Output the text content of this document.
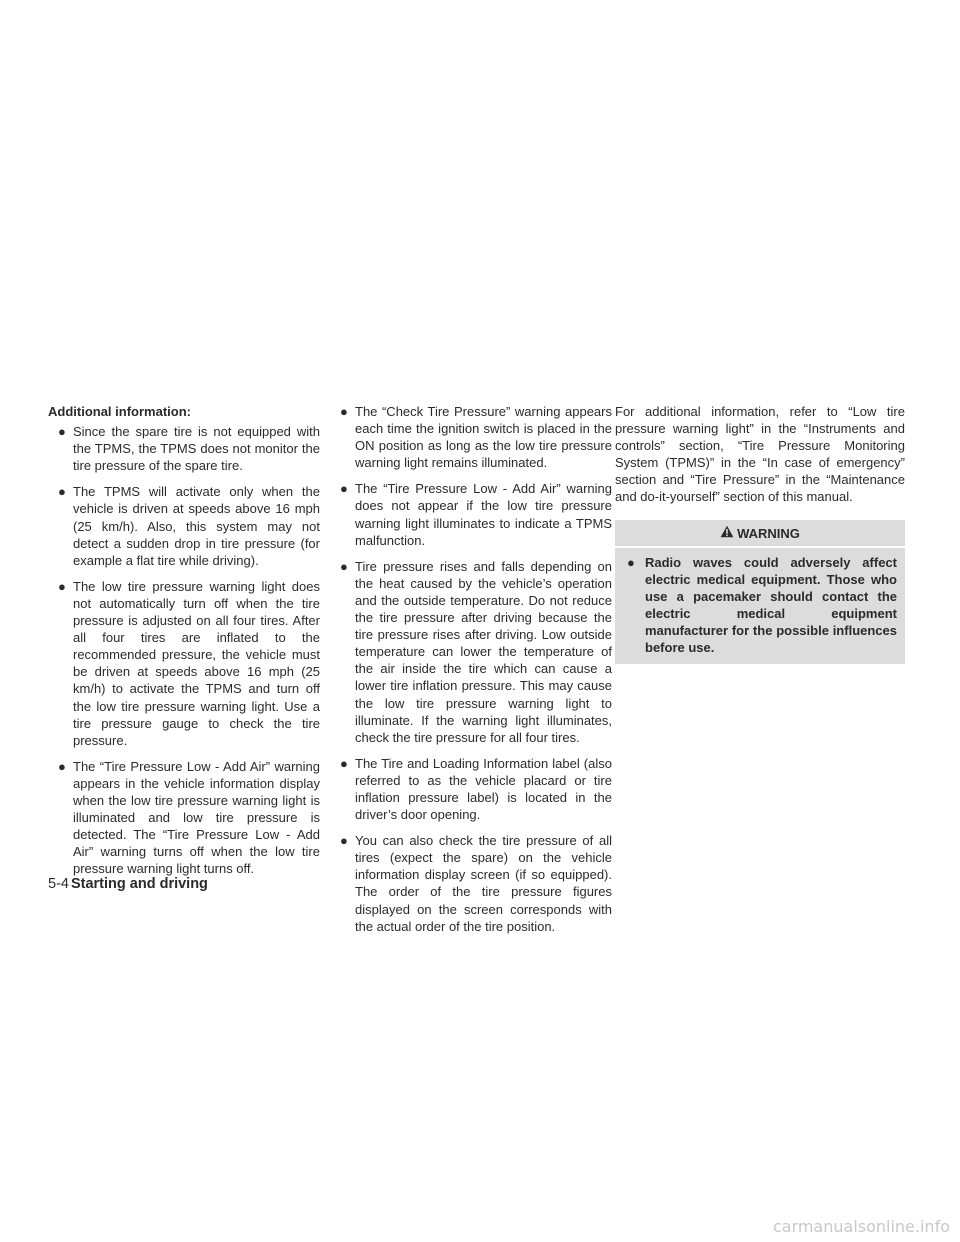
Additional information:
● Since the spare tire is not equipped with the TPMS, the TPMS does not monitor the tire pressure of the spare tire.
● The TPMS will activate only when the vehicle is driven at speeds above 16 mph (25 km/h). Also, this system may not detect a sudden drop in tire pressure (for example a flat tire while driving).
● The low tire pressure warning light does not automatically turn off when the tire pressure is adjusted on all four tires. After all four tires are inflated to the recommended pressure, the vehicle must be driven at speeds above 16 mph (25 km/h) to activate the TPMS and turn off the low tire pressure warning light. Use a tire pressure gauge to check the tire pressure.
● The “Tire Pressure Low - Add Air” warning appears in the vehicle information display when the low tire pressure warning light is illuminated and low tire pressure is detected. The “Tire Pressure Low - Add Air” warning turns off when the low tire pressure warning light turns off.
● The “Check Tire Pressure” warning appears each time the ignition switch is placed in the ON position as long as the low tire pressure warning light remains illuminated.
● The “Tire Pressure Low - Add Air” warning does not appear if the low tire pressure warning light illuminates to indicate a TPMS malfunction.
● Tire pressure rises and falls depending on the heat caused by the vehicle’s operation and the outside temperature. Do not reduce the tire pressure after driving because the tire pressure rises after driving. Low outside temperature can lower the temperature of the air inside the tire which can cause a lower tire inflation pressure. This may cause the low tire pressure warning light to illuminate. If the warning light illuminates, check the tire pressure for all four tires.
● The Tire and Loading Information label (also referred to as the vehicle placard or tire inflation pressure label) is located in the driver’s door opening.
● You can also check the tire pressure of all tires (expect the spare) on the vehicle information display screen (if so equipped). The order of the tire pressure figures displayed on the screen corresponds with the actual order of the tire position.

For additional information, refer to “Low tire pressure warning light” in the “Instruments and controls” section, “Tire Pressure Monitoring System (TPMS)” in the “In case of emergency” section and “Tire Pressure” in the “Maintenance and do-it-yourself” section of this manual.

WARNING
● Radio waves could adversely affect electric medical equipment. Those who use a pacemaker should contact the electric medical equipment manufacturer for the possible influences before use.
5-4 Starting and driving
carmanualsonline.info
